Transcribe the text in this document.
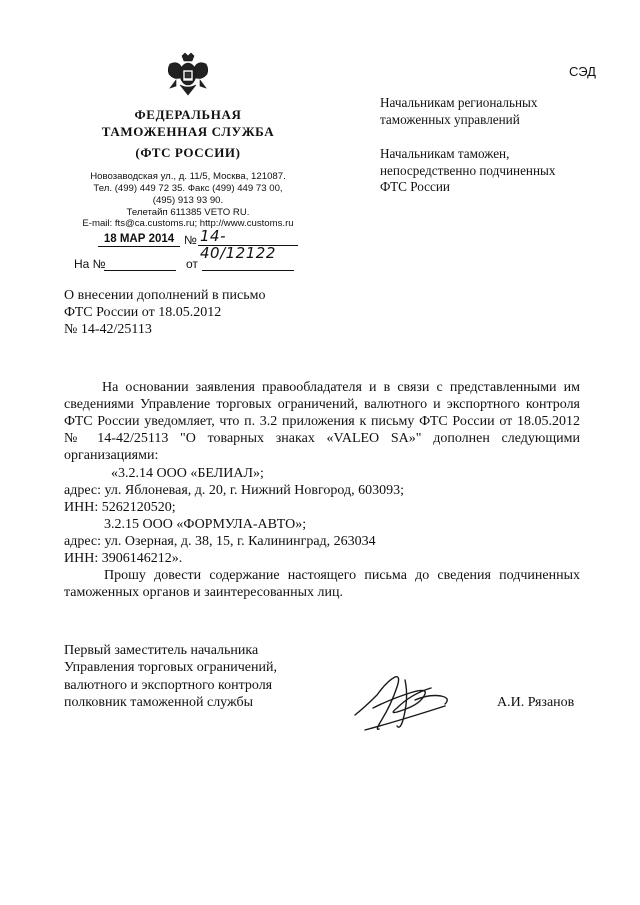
ФЕДЕРАЛЬНАЯ
ТАМОЖЕННАЯ СЛУЖБА
(ФТС РОССИИ)
Новозаводская ул., д. 11/5, Москва, 121087.
Тел. (499) 449 72 35. Факс (499) 449 73 00,
(495) 913 93 90.
Телетайп 611385 VETO RU.
E-mail: fts@ca.customs.ru; http://www.customs.ru
СЭД
Начальникам региональных
таможенных управлений
Начальникам таможен,
непосредственно подчиненных
ФТС России
18 МАР 2014 № 14-40/12122
На №	от
О внесении дополнений в письмо
ФТС России от 18.05.2012
№ 14-42/25113
На основании заявления правообладателя и в связи с представленными им сведениями Управление торговых ограничений, валютного и экспортного контроля ФТС России уведомляет, что п. 3.2 приложения к письму ФТС России от 18.05.2012 № 14-42/25113 "О товарных знаках «VALEO SA»" дополнен следующими организациями:
«3.2.14 ООО «БЕЛИАЛ»;
адрес: ул. Яблоневая, д. 20, г. Нижний Новгород, 603093;
ИНН: 5262120520;
3.2.15 ООО «ФОРМУЛА-АВТО»;
адрес: ул. Озерная, д. 38, 15, г. Калининград, 263034
ИНН: 3906146212».
Прошу довести содержание настоящего письма до сведения подчиненных таможенных органов и заинтересованных лиц.
Первый заместитель начальника
Управления торговых ограничений,
валютного и экспортного контроля
полковник таможенной службы	А.И. Рязанов
